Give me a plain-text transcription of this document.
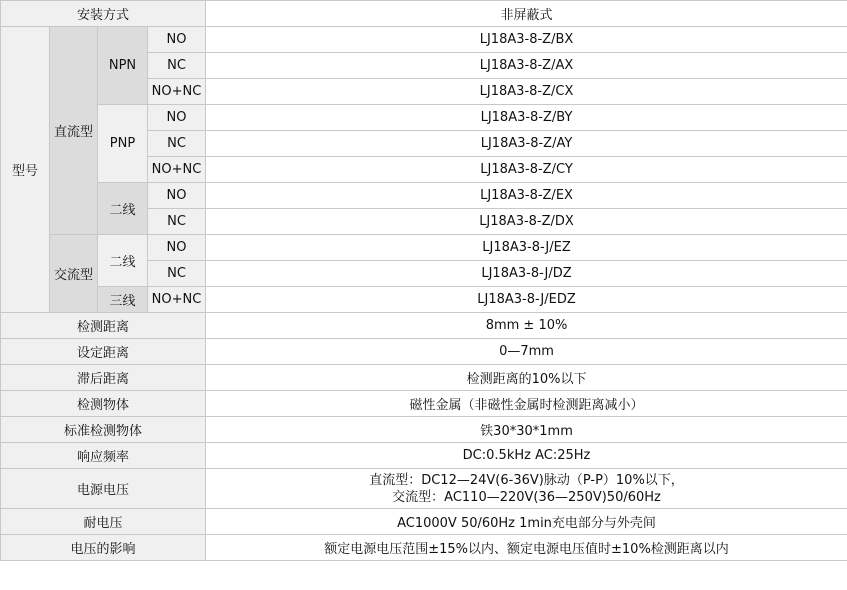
安装方式				非屏蔽式
型号	直流型	NPN	NO	LJ18A3-8-Z/BX
			NC	LJ18A3-8-Z/AX
			NO+NC	LJ18A3-8-Z/CX
		PNP	NO	LJ18A3-8-Z/BY
			NC	LJ18A3-8-Z/AY
			NO+NC	LJ18A3-8-Z/CY
		二线	NO	LJ18A3-8-Z/EX
			NC	LJ18A3-8-Z/DX
	交流型	二线	NO	LJ18A3-8-J/EZ
			NC	LJ18A3-8-J/DZ
		三线	NO+NC	LJ18A3-8-J/EDZ
检测距离				8mm ± 10%
设定距离				0—7mm
滞后距离				检测距离的10%以下
检测物体				磁性金属（非磁性金属时检测距离减小）
标准检测物体				铁30*30*1mm
响应频率				DC:0.5kHz AC:25Hz
电源电压				直流型：DC12—24V(6-36V)脉动（P-P）10%以下，
交流型：AC110—220V(36—250V)50/60Hz

耐电压				AC1000V 50/60Hz 1min充电部分与外壳间
电压的影响				额定电源电压范围±15%以内、额定电源电压值时±10%检测距离以内
